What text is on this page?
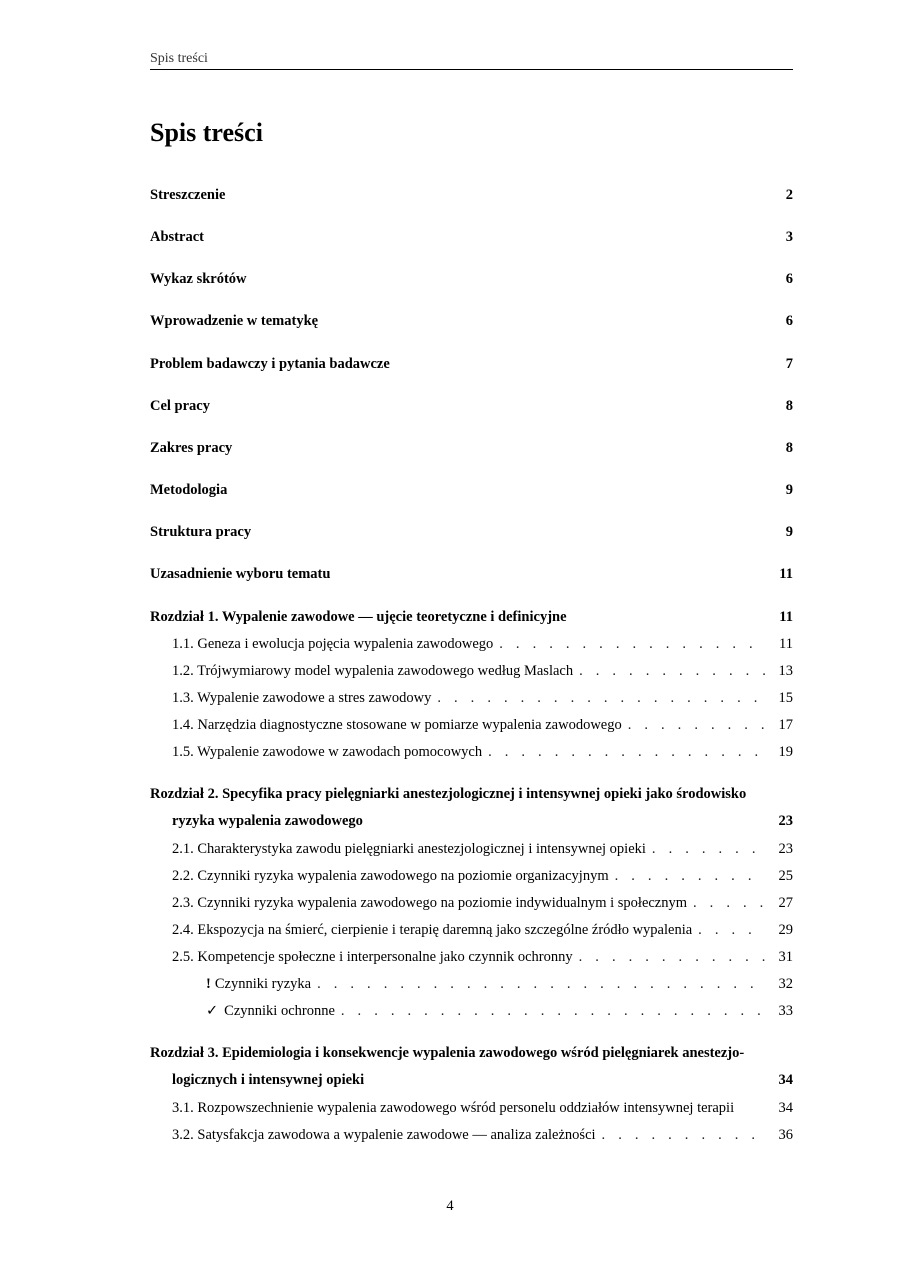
Spis treści
Spis treści
Streszczenie	2
Abstract	3
Wykaz skrótów	6
Wprowadzenie w tematykę	6
Problem badawczy i pytania badawcze	7
Cel pracy	8
Zakres pracy	8
Metodologia	9
Struktura pracy	9
Uzasadnienie wyboru tematu	11
Rozdział 1. Wypalenie zawodowe — ujęcie teoretyczne i definicyjne	11
1.1. Geneza i ewolucja pojęcia wypalenia zawodowego . . .	11
1.2. Trójwymiarowy model wypalenia zawodowego według Maslach . . .	13
1.3. Wypalenie zawodowe a stres zawodowy . . .	15
1.4. Narzędzia diagnostyczne stosowane w pomiarze wypalenia zawodowego . . .	17
1.5. Wypalenie zawodowe w zawodach pomocowych . . .	19
Rozdział 2. Specyfika pracy pielęgniarki anestezjologicznej i intensywnej opieki jako środowisko
ryzyka wypalenia zawodowego	23
2.1. Charakterystyka zawodu pielęgniarki anestezjologicznej i intensywnej opieki . . .	23
2.2. Czynniki ryzyka wypalenia zawodowego na poziomie organizacyjnym . . .	25
2.3. Czynniki ryzyka wypalenia zawodowego na poziomie indywidualnym i społecznym . . .	27
2.4. Ekspozycja na śmierć, cierpienie i terapię daremną jako szczególne źródło wypalenia . . .	29
2.5. Kompetencje społeczne i interpersonalne jako czynnik ochronny . . .	31
! Czynniki ryzyka . . .	32
✓ Czynniki ochronne . . .	33
Rozdział 3. Epidemiologia i konsekwencje wypalenia zawodowego wśród pielęgniarek anestezjo-
logicznych i intensywnej opieki	34
3.1. Rozpowszechnienie wypalenia zawodowego wśród personelu oddziałów intensywnej terapii	34
3.2. Satysfakcja zawodowa a wypalenie zawodowe — analiza zależności . . .	36
4
